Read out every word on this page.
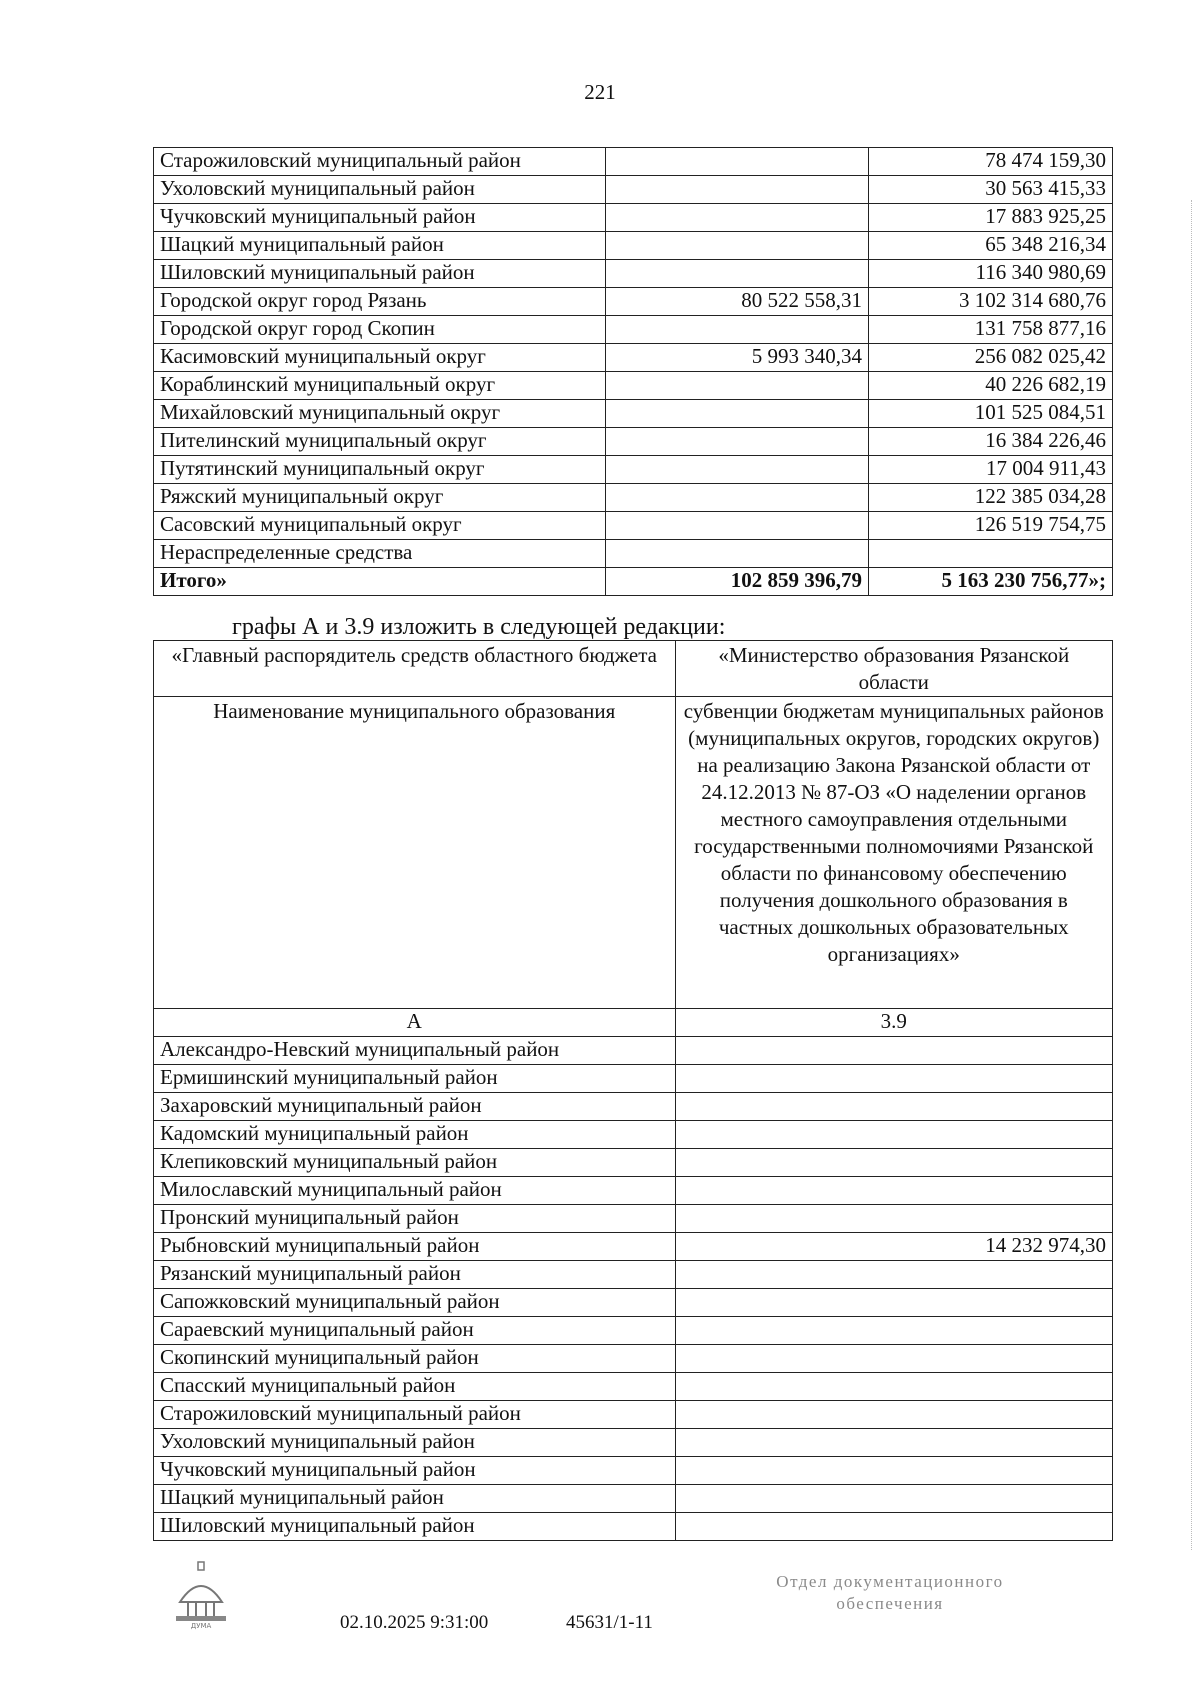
221
Старожиловский муниципальный район		78 474 159,30
Ухоловский муниципальный район		30 563 415,33
Чучковский муниципальный район		17 883 925,25
Шацкий муниципальный район		65 348 216,34
Шиловский муниципальный район		116 340 980,69
Городской округ город Рязань	80 522 558,31	3 102 314 680,76
Городской округ город Скопин		131 758 877,16
Касимовский муниципальный округ	5 993 340,34	256 082 025,42
Кораблинский муниципальный округ		40 226 682,19
Михайловский муниципальный округ		101 525 084,51
Пителинский муниципальный округ		16 384 226,46
Путятинский муниципальный округ		17 004 911,43
Ряжский муниципальный округ		122 385 034,28
Сасовский муниципальный округ		126 519 754,75
Нераспределенные средства		
Итого»	102 859 396,79	5 163 230 756,77»;
графы А и 3.9 изложить в следующей редакции:
«Главный распорядитель средств областного бюджета	«Министерство образования Рязанской области
Наименование муниципального образования	субвенции бюджетам муниципальных районов (муниципальных округов, городских округов) на реализацию Закона Рязанской области от 24.12.2013 № 87-ОЗ «О наделении органов местного самоуправления отдельными государственными полномочиями Рязанской области по финансовому обеспечению получения дошкольного образования в частных дошкольных образовательных организациях»
А	3.9
Александро-Невский муниципальный район	
Ермишинский муниципальный район	
Захаровский муниципальный район	
Кадомский муниципальный район	
Клепиковский муниципальный район	
Милославский муниципальный район	
Пронский муниципальный район	
Рыбновский муниципальный район	14 232 974,30
Рязанский муниципальный район	
Сапожковский муниципальный район	
Сараевский муниципальный район	
Скопинский муниципальный район	
Спасский муниципальный район	
Старожиловский муниципальный район	
Ухоловский муниципальный район	
Чучковский муниципальный район	
Шацкий муниципальный район	
Шиловский муниципальный район	
ДУМА	02.10.2025 9:31:00	45631/1-11
Отдел документационного
обеспечения
